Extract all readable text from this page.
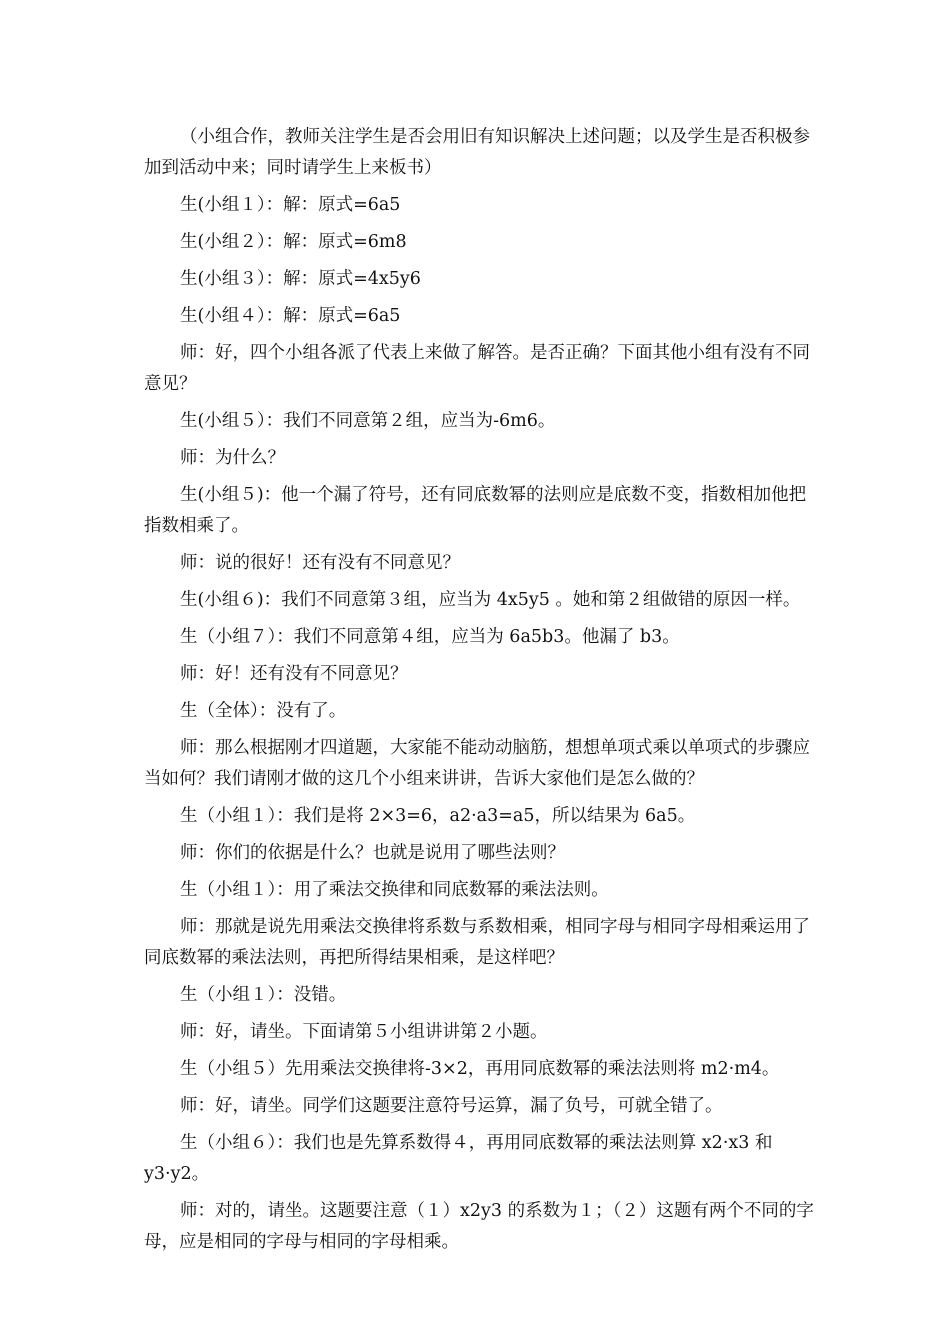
（小组合作，教师关注学生是否会用旧有知识解决上述问题；以及学生是否积极参加到活动中来；同时请学生上来板书）

生(小组１）：解：原式=6a5

生(小组２）：解：原式=6m8

生(小组３）：解：原式=4x5y6

生(小组４）：解：原式=6a5

师：好，四个小组各派了代表上来做了解答。是否正确？下面其他小组有没有不同意见？

生(小组５）：我们不同意第２组，应当为-6m6。

师：为什么？

生(小组５)：他一个漏了符号，还有同底数幂的法则应是底数不变，指数相加他把指数相乘了。

师：说的很好！还有没有不同意见？

生(小组６)：我们不同意第３组，应当为 4x5y5 。她和第２组做错的原因一样。

生（小组７）：我们不同意第４组，应当为 6a5b3。他漏了 b3。

师：好！还有没有不同意见？

生（全体）：没有了。

师：那么根据刚才四道题，大家能不能动动脑筋，想想单项式乘以单项式的步骤应当如何？我们请刚才做的这几个小组来讲讲，告诉大家他们是怎么做的？

生（小组１）：我们是将 2×3=6，a2·a3=a5，所以结果为 6a5。

师：你们的依据是什么？也就是说用了哪些法则？

生（小组１）：用了乘法交换律和同底数幂的乘法法则。

师：那就是说先用乘法交换律将系数与系数相乘，相同字母与相同字母相乘运用了同底数幂的乘法法则，再把所得结果相乘，是这样吧？

生（小组１）：没错。

师：好，请坐。下面请第５小组讲讲第２小题。

生（小组５）先用乘法交换律将-3×2，再用同底数幂的乘法法则将 m2·m4。

师：好，请坐。同学们这题要注意符号运算，漏了负号，可就全错了。

生（小组６）：我们也是先算系数得４，再用同底数幂的乘法法则算 x2·x3 和 y3·y2。

师：对的，请坐。这题要注意（１）x2y3 的系数为１；（２）这题有两个不同的字母，应是相同的字母与相同的字母相乘。
